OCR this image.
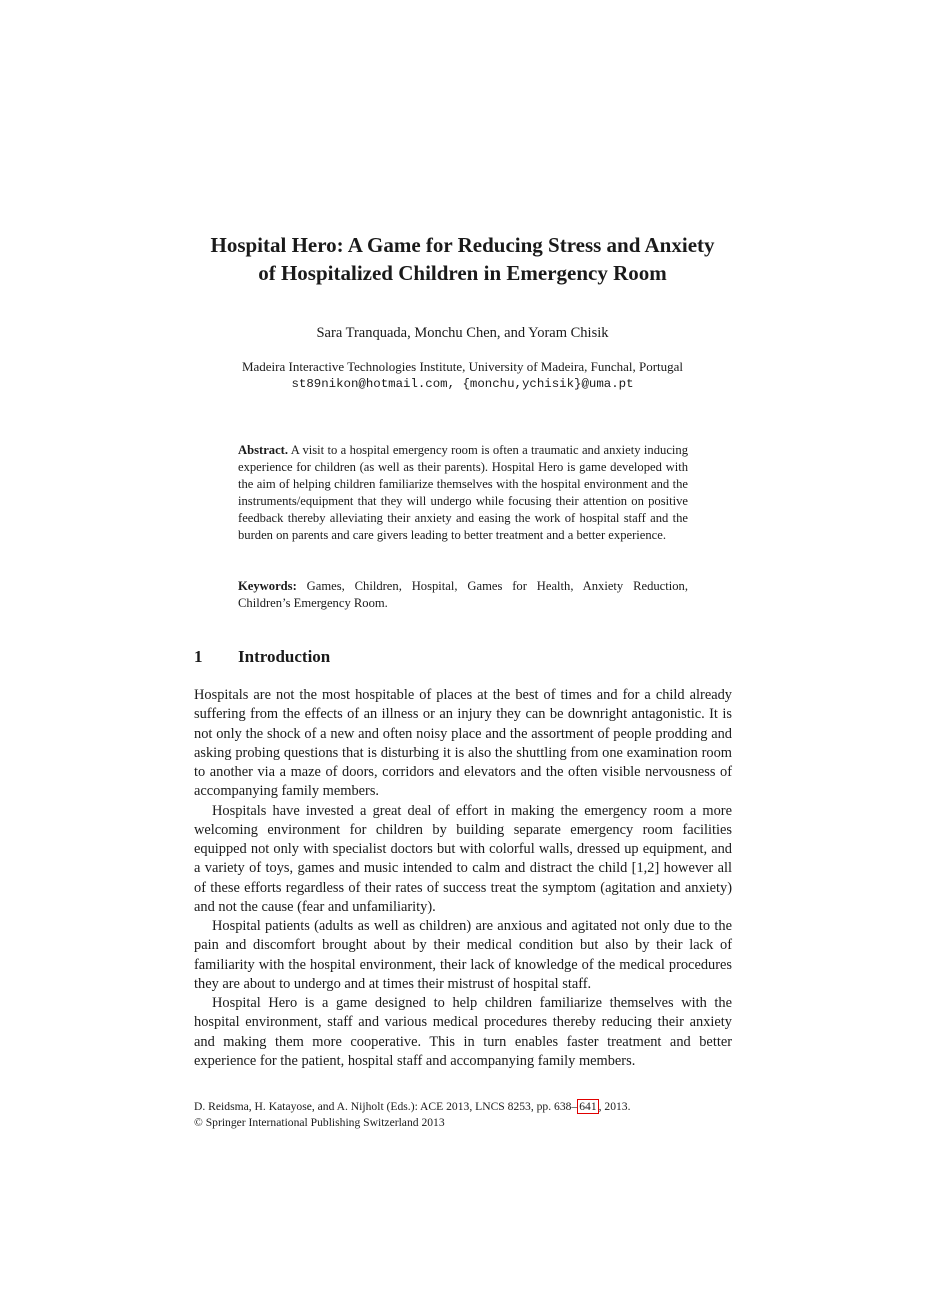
Hospital Hero: A Game for Reducing Stress and Anxiety
of Hospitalized Children in Emergency Room
Sara Tranquada, Monchu Chen, and Yoram Chisik
Madeira Interactive Technologies Institute, University of Madeira, Funchal, Portugal
st89nikon@hotmail.com, {monchu,ychisik}@uma.pt
Abstract. A visit to a hospital emergency room is often a traumatic and anxiety inducing experience for children (as well as their parents). Hospital Hero is game developed with the aim of helping children familiarize themselves with the hospital environment and the instruments/equipment that they will undergo while focusing their attention on positive feedback thereby alleviating their anxiety and easing the work of hospital staff and the burden on parents and care givers leading to better treatment and a better experience.
Keywords: Games, Children, Hospital, Games for Health, Anxiety Reduction, Children’s Emergency Room.
1 Introduction

Hospitals are not the most hospitable of places at the best of times and for a child already suffering from the effects of an illness or an injury they can be downright antagonistic. It is not only the shock of a new and often noisy place and the assortment of people prodding and asking probing questions that is disturbing it is also the shuttling from one examination room to another via a maze of doors, corridors and elevators and the often visible nervousness of accompanying family members.

Hospitals have invested a great deal of effort in making the emergency room a more welcoming environment for children by building separate emergency room facilities equipped not only with specialist doctors but with colorful walls, dressed up equipment, and a variety of toys, games and music intended to calm and distract the child [1,2] however all of these efforts regardless of their rates of success treat the symptom (agitation and anxiety) and not the cause (fear and unfamiliarity).

Hospital patients (adults as well as children) are anxious and agitated not only due to the pain and discomfort brought about by their medical condition but also by their lack of familiarity with the hospital environment, their lack of knowledge of the medical procedures they are about to undergo and at times their mistrust of hospital staff.

Hospital Hero is a game designed to help children familiarize themselves with the hospital environment, staff and various medical procedures thereby reducing their anxiety and making them more cooperative. This in turn enables faster treatment and better experience for the patient, hospital staff and accompanying family members.

D. Reidsma, H. Katayose, and A. Nijholt (Eds.): ACE 2013, LNCS 8253, pp. 638– 641 , 2013.
© Springer International Publishing Switzerland 2013
